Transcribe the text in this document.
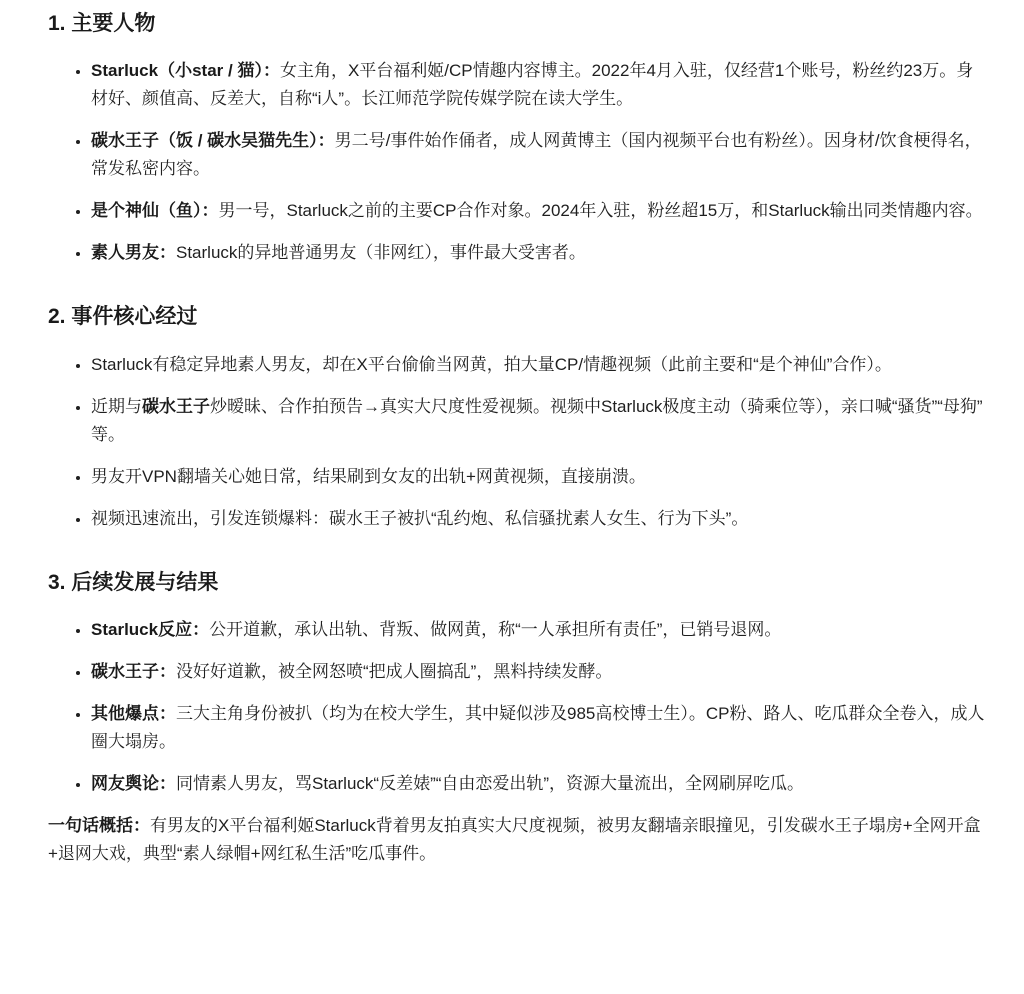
1. 主要人物
• Starluck（小star / 猫）：女主角，X平台福利姬/CP情趣内容博主。2022年4月入驻，仅经营1个账号，粉丝约23万。身材好、颜值高、反差大，自称“i人”。长江师范学院传媒学院在读大学生。
• 碳水王子（饭 / 碳水吴猫先生）：男二号/事件始作俑者，成人网黄博主（国内视频平台也有粉丝）。因身材/饮食梗得名，常发私密内容。
• 是个神仙（鱼）：男一号，Starluck之前的主要CP合作对象。2024年入驻，粉丝超15万，和Starluck输出同类情趣内容。
• 素人男友：Starluck的异地普通男友（非网红），事件最大受害者。
2. 事件核心经过
• Starluck有稳定异地素人男友，却在X平台偷偷当网黄，拍大量CP/情趣视频（此前主要和“是个神仙”合作）。
• 近期与碳水王子炒暧昧、合作拍预告→真实大尺度性爱视频。视频中Starluck极度主动（骑乘位等），亲口喊“骚货”“母狗”等。
• 男友开VPN翻墙关心她日常，结果刷到女友的出轨+网黄视频，直接崩溃。
• 视频迅速流出，引发连锁爆料：碳水王子被扒“乱约炮、私信骚扰素人女生、行为下头”。
3. 后续发展与结果
• Starluck反应：公开道歉，承认出轨、背叛、做网黄，称“一人承担所有责任”，已销号退网。
• 碳水王子：没好好道歉，被全网怒喷“把成人圈搞乱”，黑料持续发酵。
• 其他爆点：三大主角身份被扒（均为在校大学生，其中疑似涉及985高校博士生）。CP粉、路人、吃瓜群众全卷入，成人圈大塌房。
• 网友舆论：同情素人男友，骂Starluck“反差婊”“自由恋爱出轨”，资源大量流出，全网刷屏吃瓜。

一句话概括：有男友的X平台福利姬Starluck背着男友拍真实大尺度视频，被男友翻墙亲眼撞见，引发碳水王子塌房+全网开盒+退网大戏，典型“素人绿帽+网红私生活”吃瓜事件。
